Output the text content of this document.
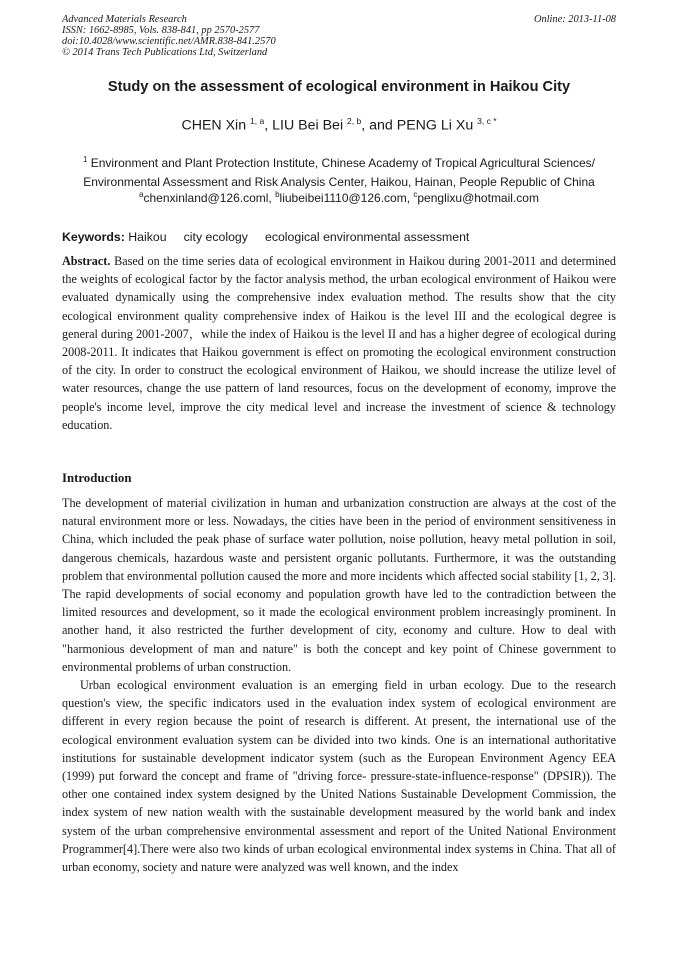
Advanced Materials Research
ISSN: 1662-8985, Vols. 838-841, pp 2570-2577
doi:10.4028/www.scientific.net/AMR.838-841.2570
© 2014 Trans Tech Publications Ltd, Switzerland
Online: 2013-11-08
Study on the assessment of ecological environment in Haikou City
CHEN Xin $^{1, a}$, LIU Bei Bei $^{2, b}$, and PENG Li Xu $^{3, c *}$
$^1$ Environment and Plant Protection Institute, Chinese Academy of Tropical Agricultural Sciences/
Environmental Assessment and Risk Analysis Center, Haikou, Hainan, People Republic of China
$^a$chenxinland@126.coml, $^b$liubeibei1110@126.com, $^c$penglixu@hotmail.com
Keywords: Haikou     city ecology     ecological environmental assessment
Abstract. Based on the time series data of ecological environment in Haikou during 2001-2011 and determined the weights of ecological factor by the factor analysis method, the urban ecological environment of Haikou were evaluated dynamically using the comprehensive index evaluation method. The results show that the city ecological environment quality comprehensive index of Haikou is the level III and the ecological degree is general during 2001-2007，while the index of Haikou is the level II and has a higher degree of ecological during 2008-2011. It indicates that Haikou government is effect on promoting the ecological environment construction of the city. In order to construct the ecological environment of Haikou, we should increase the utilize level of water resources, change the use pattern of land resources, focus on the development of economy, improve the people's income level, improve the city medical level and increase the investment of science & technology education.
Introduction

The development of material civilization in human and urbanization construction are always at the cost of the natural environment more or less. Nowadays, the cities have been in the period of environment sensitiveness in China, which included the peak phase of surface water pollution, noise pollution, heavy metal pollution in soil, dangerous chemicals, hazardous waste and persistent organic pollutants. Furthermore, it was the outstanding problem that environmental pollution caused the more and more incidents which affected social stability [1, 2, 3]. The rapid developments of social economy and population growth have led to the contradiction between the limited resources and development, so it made the ecological environment problem increasingly prominent. In another hand, it also restricted the further development of city, economy and culture. How to deal with "harmonious development of man and nature" is both the concept and key point of Chinese government to environmental problems of urban construction.

Urban ecological environment evaluation is an emerging field in urban ecology. Due to the research question's view, the specific indicators used in the evaluation index system of ecological environment are different in every region because the point of research is different. At present, the international use of the ecological environment evaluation system can be divided into two kinds. One is an international authoritative institutions for sustainable development indicator system (such as the European Environment Agency EEA (1999) put forward the concept and frame of "driving force- pressure-state-influence-response" (DPSIR)). The other one contained index system designed by the United Nations Sustainable Development Commission, the index system of new nation wealth with the sustainable development measured by the world bank and index system of the urban comprehensive environmental assessment and report of the United National Environment Programmer[4].There were also two kinds of urban ecological environmental index systems in China. That all of urban economy, society and nature were analyzed was well known, and the index
